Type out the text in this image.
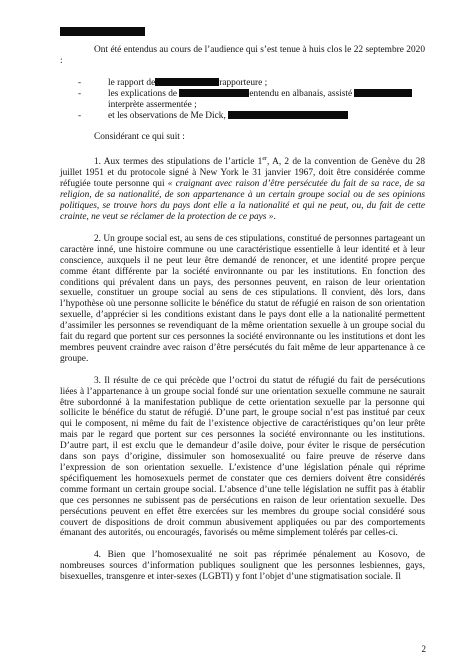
Ont été entendus au cours de l’audience qui s’est tenue à huis clos le 22 septembre 2020 :

-	le rapport de	rapporteure ;

-	les explications de	entendu en albanais, assisté
interprète assermentée ;

-	et les observations de Me Dick,

Considérant ce qui suit :

1. Aux termes des stipulations de l’article 1er, A, 2 de la convention de Genève du 28 juillet 1951 et du protocole signé à New York le 31 janvier 1967, doit être considérée comme réfugiée toute personne qui « craignant avec raison d’être persécutée du fait de sa race, de sa religion, de sa nationalité, de son appartenance à un certain groupe social ou de ses opinions politiques, se trouve hors du pays dont elle a la nationalité et qui ne peut, ou, du fait de cette crainte, ne veut se réclamer de la protection de ce pays ».

2. Un groupe social est, au sens de ces stipulations, constitué de personnes partageant un caractère inné, une histoire commune ou une caractéristique essentielle à leur identité et à leur conscience, auxquels il ne peut leur être demandé de renoncer, et une identité propre perçue comme étant différente par la société environnante ou par les institutions. En fonction des conditions qui prévalent dans un pays, des personnes peuvent, en raison de leur orientation sexuelle, constituer un groupe social au sens de ces stipulations. Il convient, dès lors, dans l’hypothèse où une personne sollicite le bénéfice du statut de réfugié en raison de son orientation sexuelle, d’apprécier si les conditions existant dans le pays dont elle a la nationalité permettent d’assimiler les personnes se revendiquant de la même orientation sexuelle à un groupe social du fait du regard que portent sur ces personnes la société environnante ou les institutions et dont les membres peuvent craindre avec raison d’être persécutés du fait même de leur appartenance à ce groupe.

3. Il résulte de ce qui précède que l’octroi du statut de réfugié du fait de persécutions liées à l’appartenance à un groupe social fondé sur une orientation sexuelle commune ne saurait être subordonné à la manifestation publique de cette orientation sexuelle par la personne qui sollicite le bénéfice du statut de réfugié. D’une part, le groupe social n’est pas institué par ceux qui le composent, ni même du fait de l’existence objective de caractéristiques qu’on leur prête mais par le regard que portent sur ces personnes la société environnante ou les institutions. D’autre part, il est exclu que le demandeur d’asile doive, pour éviter le risque de persécution dans son pays d’origine, dissimuler son homosexualité ou faire preuve de réserve dans l’expression de son orientation sexuelle. L’existence d’une législation pénale qui réprime spécifiquement les homosexuels permet de constater que ces derniers doivent être considérés comme formant un certain groupe social. L’absence d’une telle législation ne suffit pas à établir que ces personnes ne subissent pas de persécutions en raison de leur orientation sexuelle. Des persécutions peuvent en effet être exercées sur les membres du groupe social considéré sous couvert de dispositions de droit commun abusivement appliquées ou par des comportements émanant des autorités, ou encouragés, favorisés ou même simplement tolérés par celles-ci.

4. Bien que l’homosexualité ne soit pas réprimée pénalement au Kosovo, de nombreuses sources d’information publiques soulignent que les personnes lesbiennes, gays, bisexuelles, transgenre et inter-sexes (LGBTI) y font l’objet d’une stigmatisation sociale. Il

2
